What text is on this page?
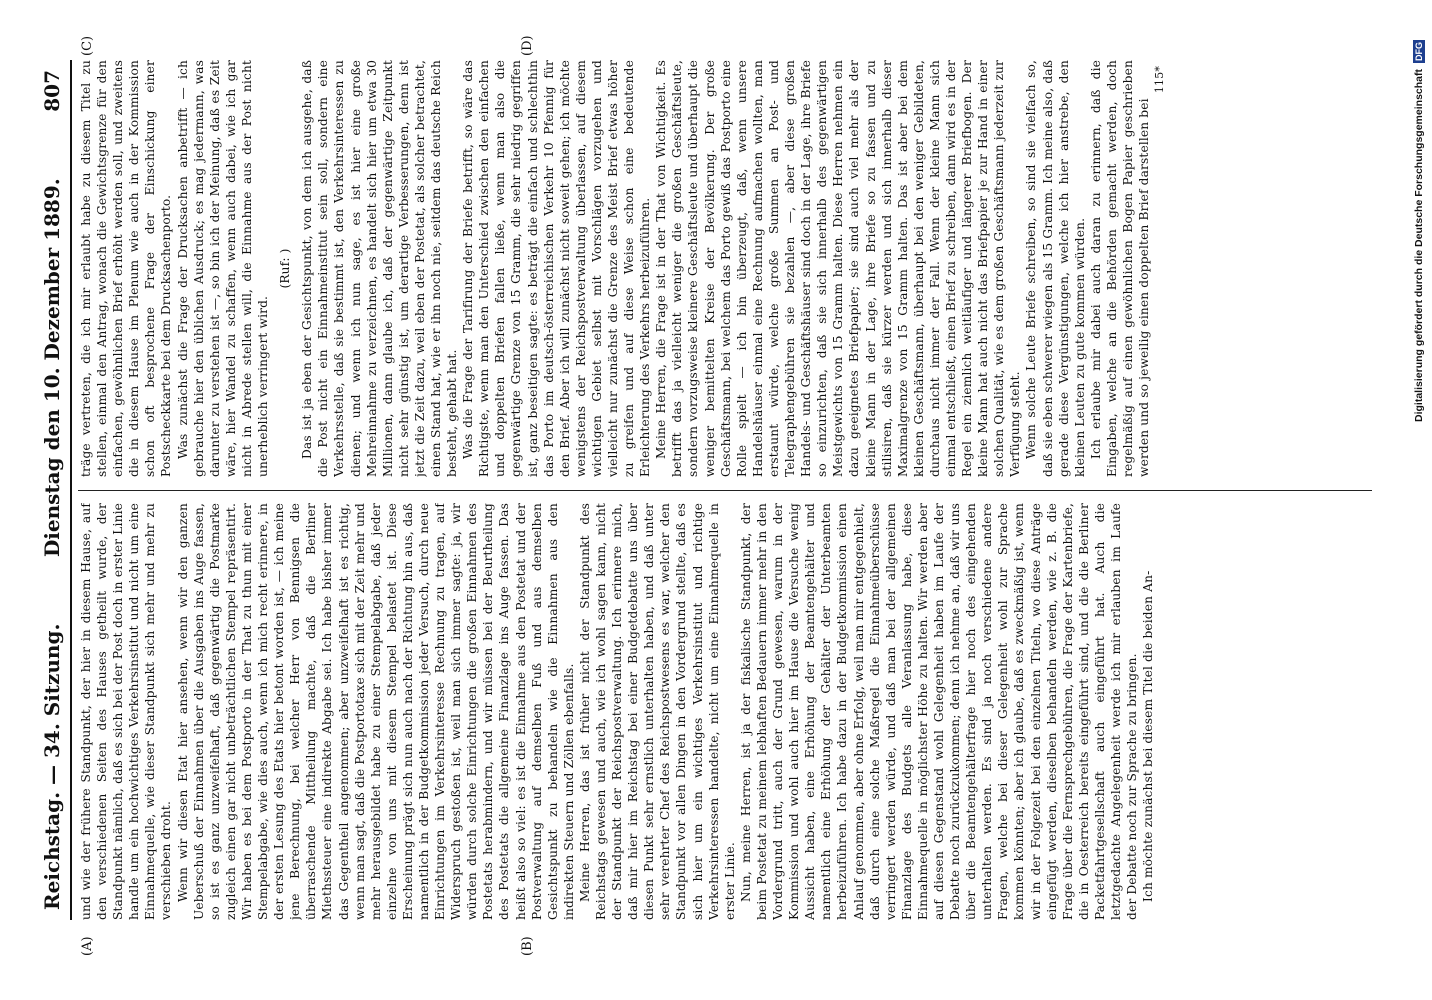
Reichstag. — 34. Sitzung.
Dienstag den 10. Dezember 1889.
807
(A)	(B)
(C)	(D)

und wie der frühere Standpunkt, der hier in diesem Hause, auf den verschiedenen Seiten des Hauses getheilt wurde, der Standpunkt nämlich, daß es sich bei der Post doch in erster Linie handle um ein hochwichtiges Verkehrsinstitut und nicht um eine Einnahmequelle, wie dieser Standpunkt sich mehr und mehr zu verschieben droht. Wenn wir diesen Etat hier ansehen, wenn wir den ganzen Ueberschuß der Einnahmen über die Ausgaben ins Auge fassen, so ist es ganz unzweifelhaft, daß gegenwärtig die Postmarke zugleich einen gar nicht unbeträchtlichen Stempel repräsentirt. Wir haben es bei dem Postporto in der That zu thun mit einer Stempelabgabe, wie dies auch, wenn ich mich recht erinnere, in der ersten Lesung des Etats hier betont worden ist, — ich meine jene Berechnung, bei welcher Herr von Bennigsen die überraschende Mittheilung machte, daß die Berliner Miethssteuer eine indirekte Abgabe sei. Ich habe bisher immer das Gegentheil angenommen; aber unzweifelhaft ist es richtig, wenn man sagt, daß die Postportotaxe sich mit der Zeit mehr und mehr herausgebildet habe zu einer Stempelabgabe, daß jeder einzelne von uns mit diesem Stempel belastet ist. Diese Erscheinung prägt sich nun auch nach der Richtung hin aus, daß namentlich in der Budgetkommission jeder Versuch, durch neue Einrichtungen im Verkehrsinteresse Rechnung zu tragen, auf Widerspruch gestoßen ist, weil man sich immer sagte: ja, wir würden durch solche Einrichtungen die großen Einnahmen des Postetats herabmindern, und wir müssen bei der Beurtheilung des Postetats die allgemeine Finanzlage ins Auge fassen. Das heißt also so viel: es ist die Einnahme aus den Postetat und der Postverwaltung auf demselben Fuß und aus demselben Gesichtspunkt zu behandeln wie die Einnahmen aus den indirekten Steuern und Zöllen ebenfalls. Meine Herren, das ist früher nicht der Standpunkt des Reichstags gewesen und auch, wie ich wohl sagen kann, nicht der Standpunkt der Reichspostverwaltung. Ich erinnere mich, daß mir hier im Reichstag bei einer Budgetdebatte uns über diesen Punkt sehr ernstlich unterhalten haben, und daß unter sehr verehrter Chef des Reichspostwesens es war, welcher den Standpunkt vor allen Dingen in den Vordergrund stellte, daß es sich hier um ein wichtiges Verkehrsinstitut und richtige Verkehrsinteressen handelte, nicht um eine Einnahmequelle in erster Linie. Nun, meine Herren, ist ja der fiskalische Standpunkt, der beim Postetat zu meinem lebhaften Bedauern immer mehr in den Vordergrund tritt, auch der Grund gewesen, warum in der Kommission und wohl auch hier im Hause die Versuche wenig Aussicht haben, eine Erhöhung der Beamtengehälter und namentlich eine Erhöhung der Gehälter der Unterbeamten herbeizuführen. Ich habe dazu in der Budgetkommission einen Anlauf genommen, aber ohne Erfolg, weil man mir entgegenhielt, daß durch eine solche Maßregel die Einnahmeüberschüsse verringert werden würde, und daß man bei der allgemeinen Finanzlage des Budgets alle Veranlassung habe, diese Einnahmequelle in möglichster Höhe zu halten. Wir werden aber auf diesen Gegenstand wohl Gelegenheit haben im Laufe der Debatte noch zurückzukommen; denn ich nehme an, daß wir uns über die Beamtengehälterfrage hier noch des eingehenden unterhalten werden. Es sind ja noch verschiedene andere Fragen, welche bei dieser Gelegenheit wohl zur Sprache kommen könnten; aber ich glaube, daß es zweckmäßig ist, wenn wir in der Folgezeit bei den einzelnen Titeln, wo diese Anträge eingefügt werden, dieselben behandeln werden, wie z. B. die Frage über die Fernsprechgebühren, die Frage der Kartenbriefe, die in Oesterreich bereits eingeführt sind, und die die Berliner Packetfahrtgesellschaft auch eingeführt hat. Auch die letztgedachte Angelegenheit werde ich mir erlauben im Laufe der Debatte noch zur Sprache zu bringen. Ich möchte zunächst bei diesem Titel die beiden An-

träge vertreten, die ich mir erlaubt habe zu diesem Titel zu stellen, einmal den Antrag, wonach die Gewichtsgrenze für den einfachen, gewöhnlichen Brief erhöht werden soll, und zweitens die in diesem Hause im Plenum wie auch in der Kommission schon oft besprochene Frage der Einschickung einer Postscheckkarte bei dem Drucksachenporto. Was zunächst die Frage der Drucksachen anbetrifft — ich gebrauche hier den üblichen Ausdruck; es mag jedermann, was darunter zu verstehen ist —, so bin ich der Meinung, daß es Zeit wäre, hier Wandel zu schaffen, wenn auch dabei, wie ich gar nicht in Abrede stellen will, die Einnahme aus der Post nicht unerheblich verringert wird.

(Ruf: ) Das ist ja eben der Gesichtspunkt, von dem ich ausgehe, daß die Post nicht ein Einnahmeinstitut sein soll, sondern eine Verkehrsstelle, daß sie bestimmt ist, den Verkehrsinteressen zu dienen; und wenn ich nun sage, es ist hier eine große Mehreinnahme zu verzeichnen, es handelt sich hier um etwa 30 Millionen, dann glaube ich, daß der gegenwärtige Zeitpunkt nicht sehr günstig ist, um derartige Verbesserungen, denn ist jetzt die Zeit dazu, weil eben der Postetat, als solcher betrachtet, einen Stand hat, wie er ihn noch nie, seitdem das deutsche Reich besteht, gehabt hat. Was die Frage der Tarifirung der Briefe betrifft, so wäre das Richtigste, wenn man den Unterschied zwischen den einfachen und doppelten Briefen fallen ließe, wenn man also die gegenwärtige Grenze von 15 Gramm, die sehr niedrig gegriffen ist, ganz beseitigen sagte: es beträgt die einfach und schlechthin das Porto im deutsch-österreichischen Verkehr 10 Pfennig für den Brief. Aber ich will zunächst nicht soweit gehen; ich möchte wenigstens der Reichspostverwaltung überlassen, auf diesem wichtigen Gebiet selbst mit Vorschlägen vorzugehen und vielleicht nur zunächst die Grenze des Meist Brief etwas höher zu greifen und auf diese Weise schon eine bedeutende Erleichterung des Verkehrs herbeizuführen. Meine Herren, die Frage ist in der That von Wichtigkeit. Es betrifft das ja vielleicht weniger die großen Geschäftsleute, sondern vorzugsweise kleinere Geschäftsleute und überhaupt die weniger bemittelten Kreise der Bevölkerung. Der große Geschäftsmann, bei welchem das Porto gewiß das Postporto eine Rolle spielt — ich bin überzeugt, daß, wenn unsere Handelshäuser einmal eine Rechnung aufmachen wollten, man erstaunt würde, welche große Summen an Post- und Telegraphengebühren sie bezahlen —, aber diese großen Handels- und Geschäftshäuser sind doch in der Lage, ihre Briefe so einzurichten, daß sie sich innerhalb des gegenwärtigen Meistgewichts von 15 Gramm halten. Diese Herren nehmen ein dazu geeignetes Briefpapier; sie sind auch viel mehr als der kleine Mann in der Lage, ihre Briefe so zu fassen und zu stilisiren, daß sie kürzer werden und sich innerhalb dieser Maximalgrenze von 15 Gramm halten. Das ist aber bei dem kleinen Geschäftsmann, überhaupt bei den weniger Gebildeten, durchaus nicht immer der Fall. Wenn der kleine Mann sich einmal entschließt, einen Brief zu schreiben, dann wird es in der Regel ein ziemlich weitläufiger und längerer Briefbogen. Der kleine Mann hat auch nicht das Briefpapier je zur Hand in einer solchen Qualität, wie es dem großen Geschäftsmann jederzeit zur Verfügung steht. Wenn solche Leute Briefe schreiben, so sind sie vielfach so, daß sie eben schwerer wiegen als 15 Gramm. Ich meine also, daß gerade diese Vergünstigungen, welche ich hier anstrebe, den kleinen Leuten zu gute kommen würden. Ich erlaube mir dabei auch daran zu erinnern, daß die Eingaben, welche an die Behörden gemacht werden, doch regelmäßig auf einen gewöhnlichen Bogen Papier geschrieben werden und so jeweilig einen doppelten Brief darstellen bei

115*

DFG
Digitalisierung gefördert durch die Deutsche Forschungsgemeinschaft
